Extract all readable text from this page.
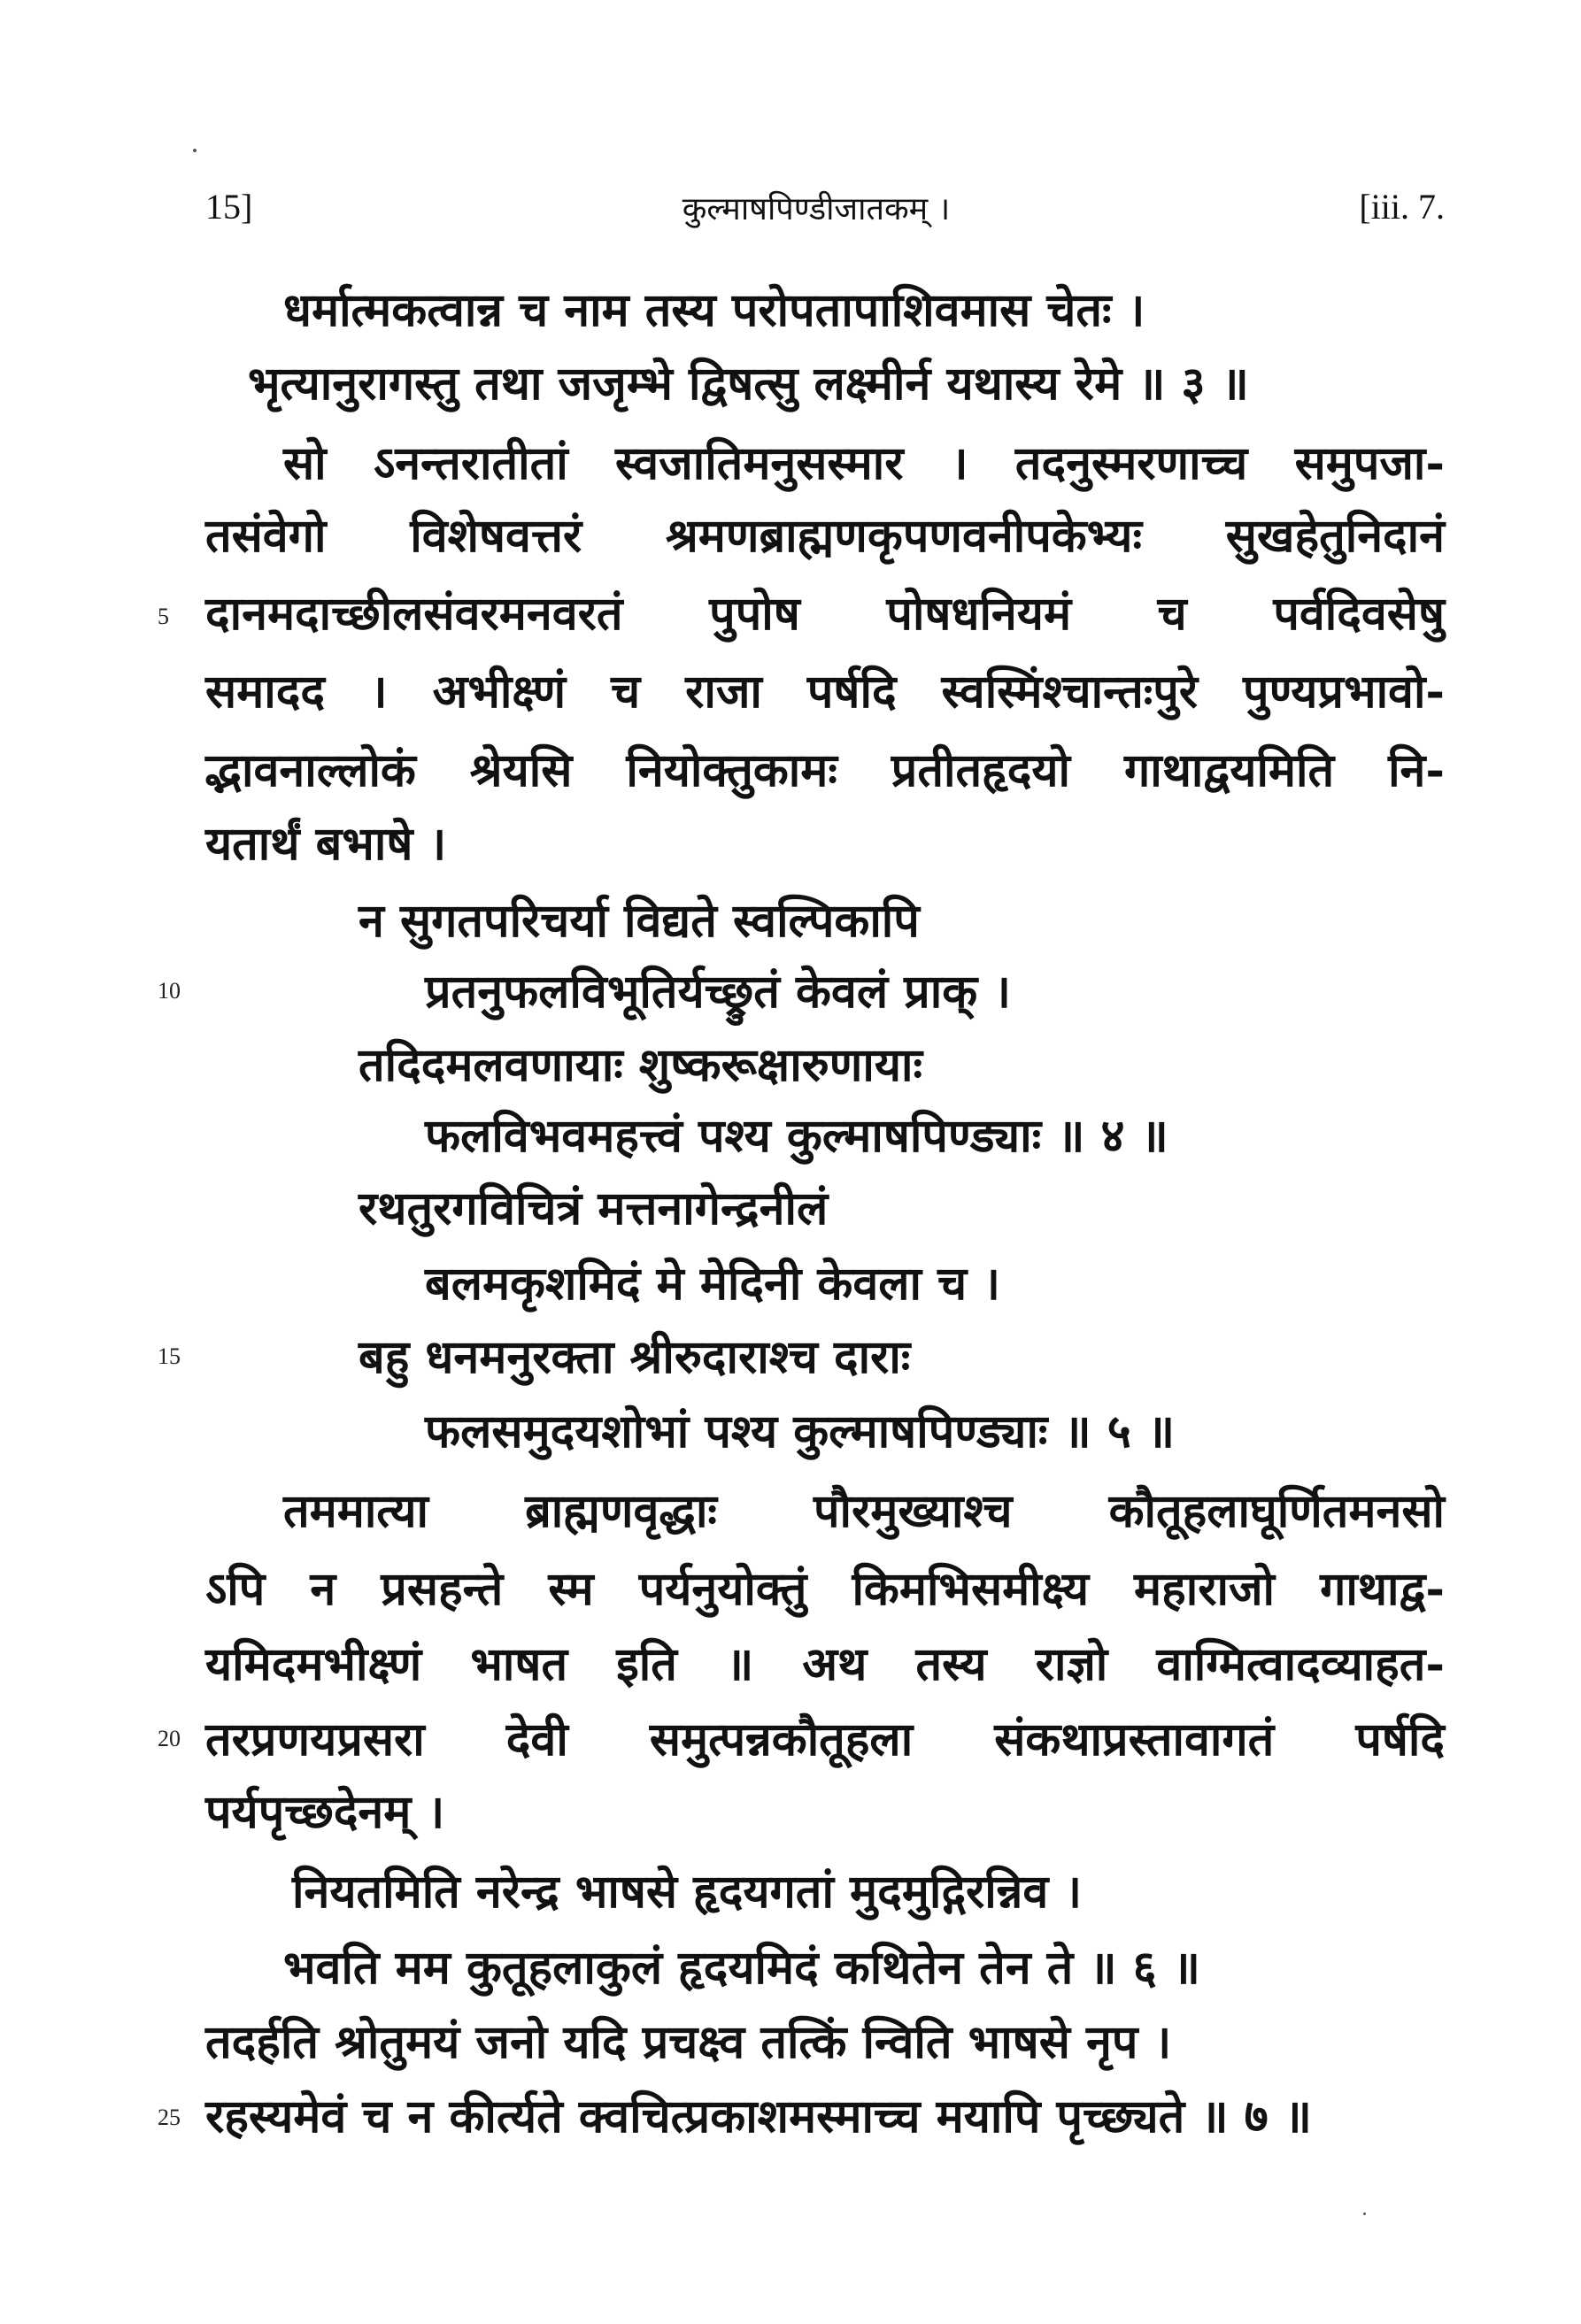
15]	कुल्माषपिण्डीजातकम् ।	[iii. 7.
धर्मात्मकत्वान्न च नाम तस्य परोपतापाशिवमास चेतः ।
भृत्यानुरागस्तु तथा जजृम्भे द्विषत्सु लक्ष्मीर्न यथास्य रेमे ॥ ३ ॥
सो ऽनन्तरातीतां स्वजातिमनुसस्मार । तदनुस्मरणाच्च समुपजा-
तसंवेगो विशेषवत्तरं श्रमणब्राह्मणकृपणवनीपकेभ्यः सुखहेतुनिदानं
5 दानमदाच्छीलसंवरमनवरतं पुपोष पोषधनियमं च पर्वदिवसेषु
समादद । अभीक्ष्णं च राजा पर्षदि स्वस्मिंश्चान्तःपुरे पुण्यप्रभावो-
द्भावनाल्लोकं श्रेयसि नियोक्तुकामः प्रतीतहृदयो गाथाद्वयमिति नि-
यतार्थं बभाषे ।
न सुगतपरिचर्या विद्यते स्वल्पिकापि
10	प्रतनुफलविभूतिर्यच्छ्रुतं केवलं प्राक् ।
तदिदमलवणायाः शुष्करूक्षारुणायाः
फलविभवमहत्त्वं पश्य कुल्माषपिण्ड्याः ॥ ४ ॥
रथतुरगविचित्रं मत्तनागेन्द्रनीलं
बलमकृशमिदं मे मेदिनी केवला च ।
15	बहु धनमनुरक्ता श्रीरुदाराश्च दाराः
फलसमुदयशोभां पश्य कुल्माषपिण्ड्याः ॥ ५ ॥
तममात्या ब्राह्मणवृद्धाः पौरमुख्याश्च कौतूहलाघूर्णितमनसो
ऽपि न प्रसहन्ते स्म पर्यनुयोक्तुं किमभिसमीक्ष्य महाराजो गाथाद्व-
यमिदमभीक्ष्णं भाषत इति ॥ अथ तस्य राज्ञो वाग्मित्वादव्याहत-
20 तरप्रणयप्रसरा देवी समुत्पन्नकौतूहला संकथाप्रस्तावागतं पर्षदि
पर्यपृच्छदेनम् ।
नियतमिति नरेन्द्र भाषसे हृदयगतां मुदमुद्गिरन्निव ।
भवति मम कुतूहलाकुलं हृदयमिदं कथितेन तेन ते ॥ ६ ॥
तदर्हति श्रोतुमयं जनो यदि प्रचक्ष्व तत्किं न्विति भाषसे नृप ।
25 रहस्यमेवं च न कीर्त्यते क्वचित्प्रकाशमस्माच्च मयापि पृच्छ्यते ॥ ७ ॥
